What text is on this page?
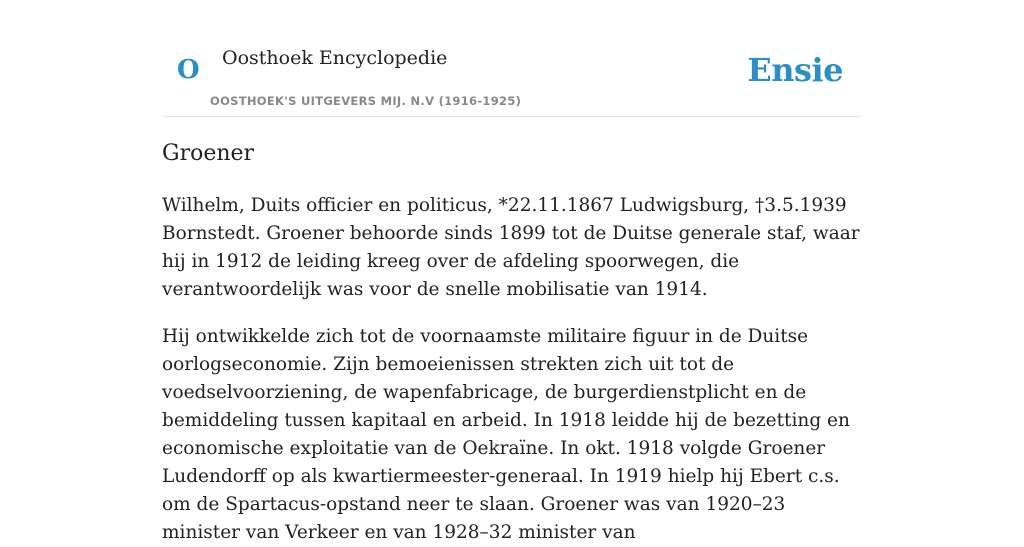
O Oosthoek Encyclopedie
OOSTHOEK'S UITGEVERS MIJ. N.V (1916-1925)
Ensie
Groener

Wilhelm, Duits officier en politicus, *22.11.1867 Ludwigsburg, †3.5.1939 Bornstedt. Groener behoorde sinds 1899 tot de Duitse generale staf, waar hij in 1912 de leiding kreeg over de afdeling spoorwegen, die verantwoordelijk was voor de snelle mobilisatie van 1914.

Hij ontwikkelde zich tot de voornaamste militaire figuur in de Duitse oorlogseconomie. Zijn bemoeienissen strekten zich uit tot de voedselvoorziening, de wapenfabricage, de burgerdienstplicht en de bemiddeling tussen kapitaal en arbeid. In 1918 leidde hij de bezetting en economische exploitatie van de Oekraïne. In okt. 1918 volgde Groener Ludendorff op als kwartiermeester-generaal. In 1919 hielp hij Ebert c.s. om de Spartacus-opstand neer te slaan. Groener was van 1920–23 minister van Verkeer en van 1928–32 minister van
